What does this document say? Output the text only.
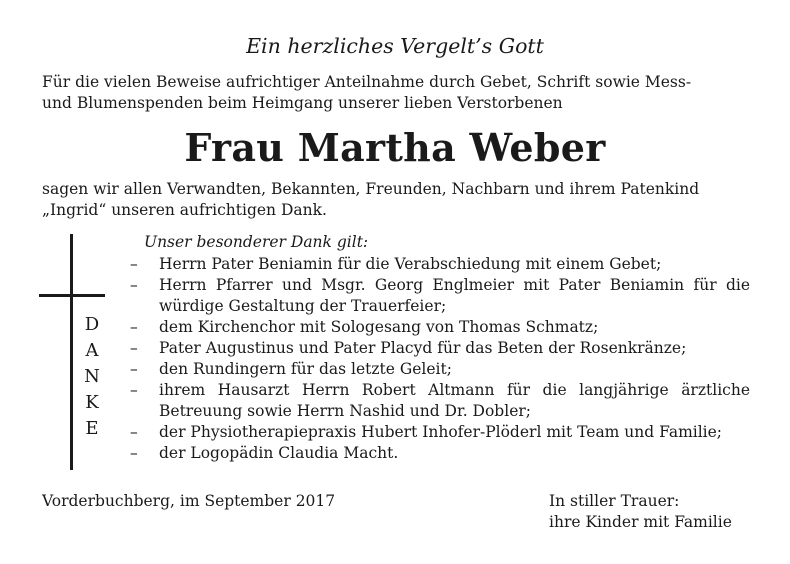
Ein herzliches Vergelt’s Gott
Für die vielen Beweise aufrichtiger Anteilnahme durch Gebet, Schrift sowie Mess-
und Blumenspenden beim Heimgang unserer lieben Verstorbenen
Frau Martha Weber
sagen wir allen Verwandten, Bekannten, Freunden, Nachbarn und ihrem Patenkind
„Ingrid“ unseren aufrichtigen Dank.
D
A
N
K
E
Unser besonderer Dank gilt:
– Herrn Pater Beniamin für die Verabschiedung mit einem Gebet;
– Herrn Pfarrer und Msgr. Georg Englmeier mit Pater Beniamin für die würdige Gestaltung der Trauerfeier;
– dem Kirchenchor mit Sologesang von Thomas Schmatz;
– Pater Augustinus und Pater Placyd für das Beten der Rosenkränze;
– den Rundingern für das letzte Geleit;
– ihrem Hausarzt Herrn Robert Altmann für die langjährige ärztliche Betreuung sowie Herrn Nashid und Dr. Dobler;
– der Physiotherapiepraxis Hubert Inhofer-Plöderl mit Team und Familie;
– der Logopädin Claudia Macht.
Vorderbuchberg, im September 2017	In stiller Trauer:
ihre Kinder mit Familie
